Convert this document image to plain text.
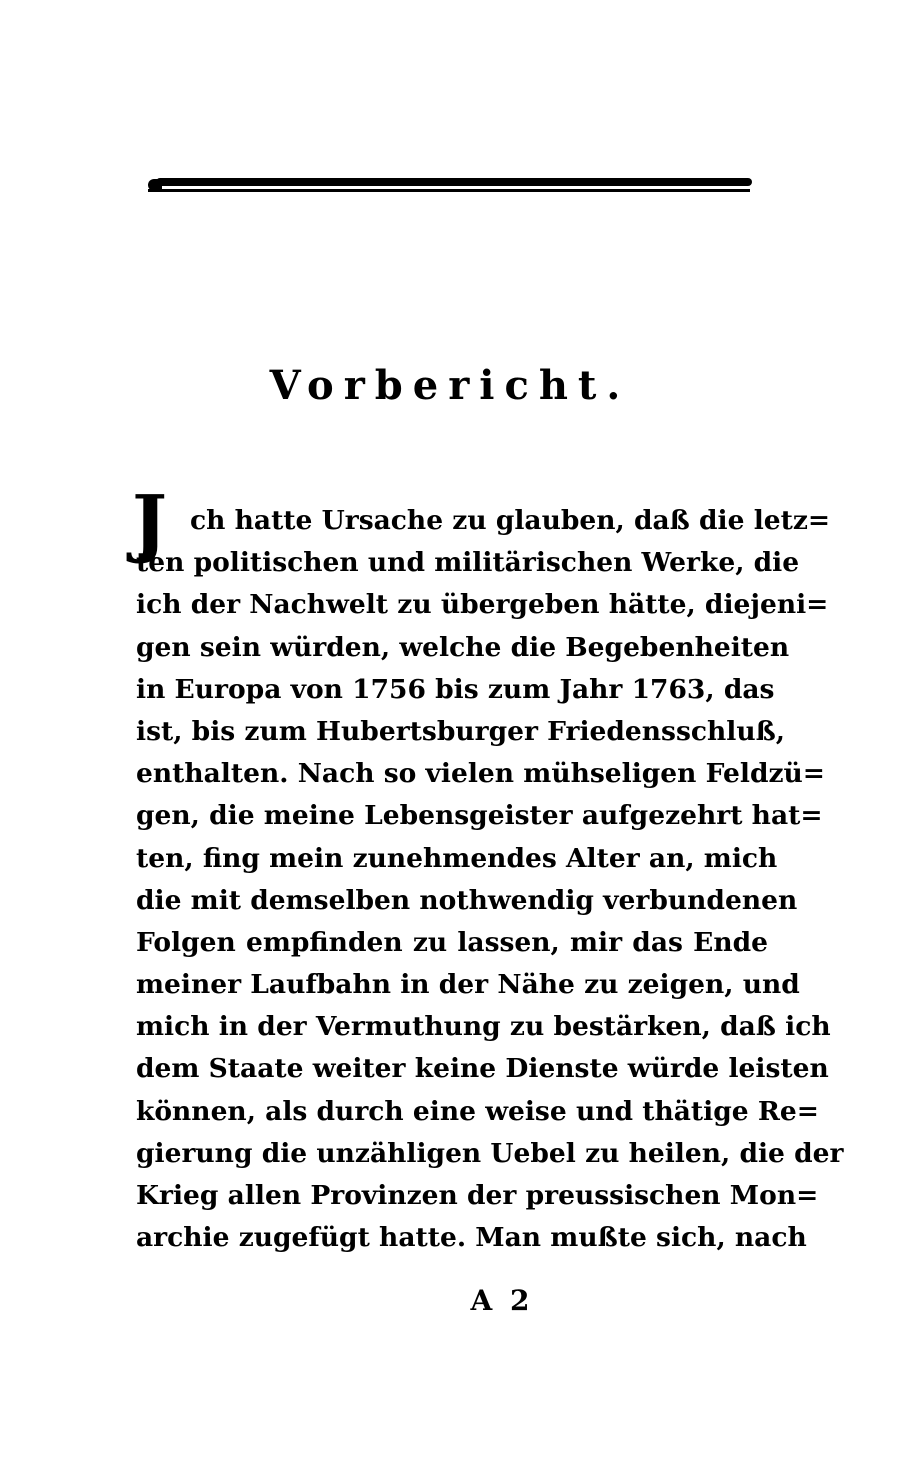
Vorbericht.
J ch hatte Ursache zu glauben, daß die letz=
ten politischen und militärischen Werke, die
ich der Nachwelt zu übergeben hätte, diejeni=
gen sein würden, welche die Begebenheiten
in Europa von 1756 bis zum Jahr 1763, das
ist, bis zum Hubertsburger Friedensschluß,
enthalten. Nach so vielen mühseligen Feldzü=
gen, die meine Lebensgeister aufgezehrt hat=
ten, fing mein zunehmendes Alter an, mich
die mit demselben nothwendig verbundenen
Folgen empfinden zu lassen, mir das Ende
meiner Laufbahn in der Nähe zu zeigen, und
mich in der Vermuthung zu bestärken, daß ich
dem Staate weiter keine Dienste würde leisten
können, als durch eine weise und thätige Re=
gierung die unzähligen Uebel zu heilen, die der
Krieg allen Provinzen der preussischen Mon=
archie zugefügt hatte. Man mußte sich, nach
A 2
